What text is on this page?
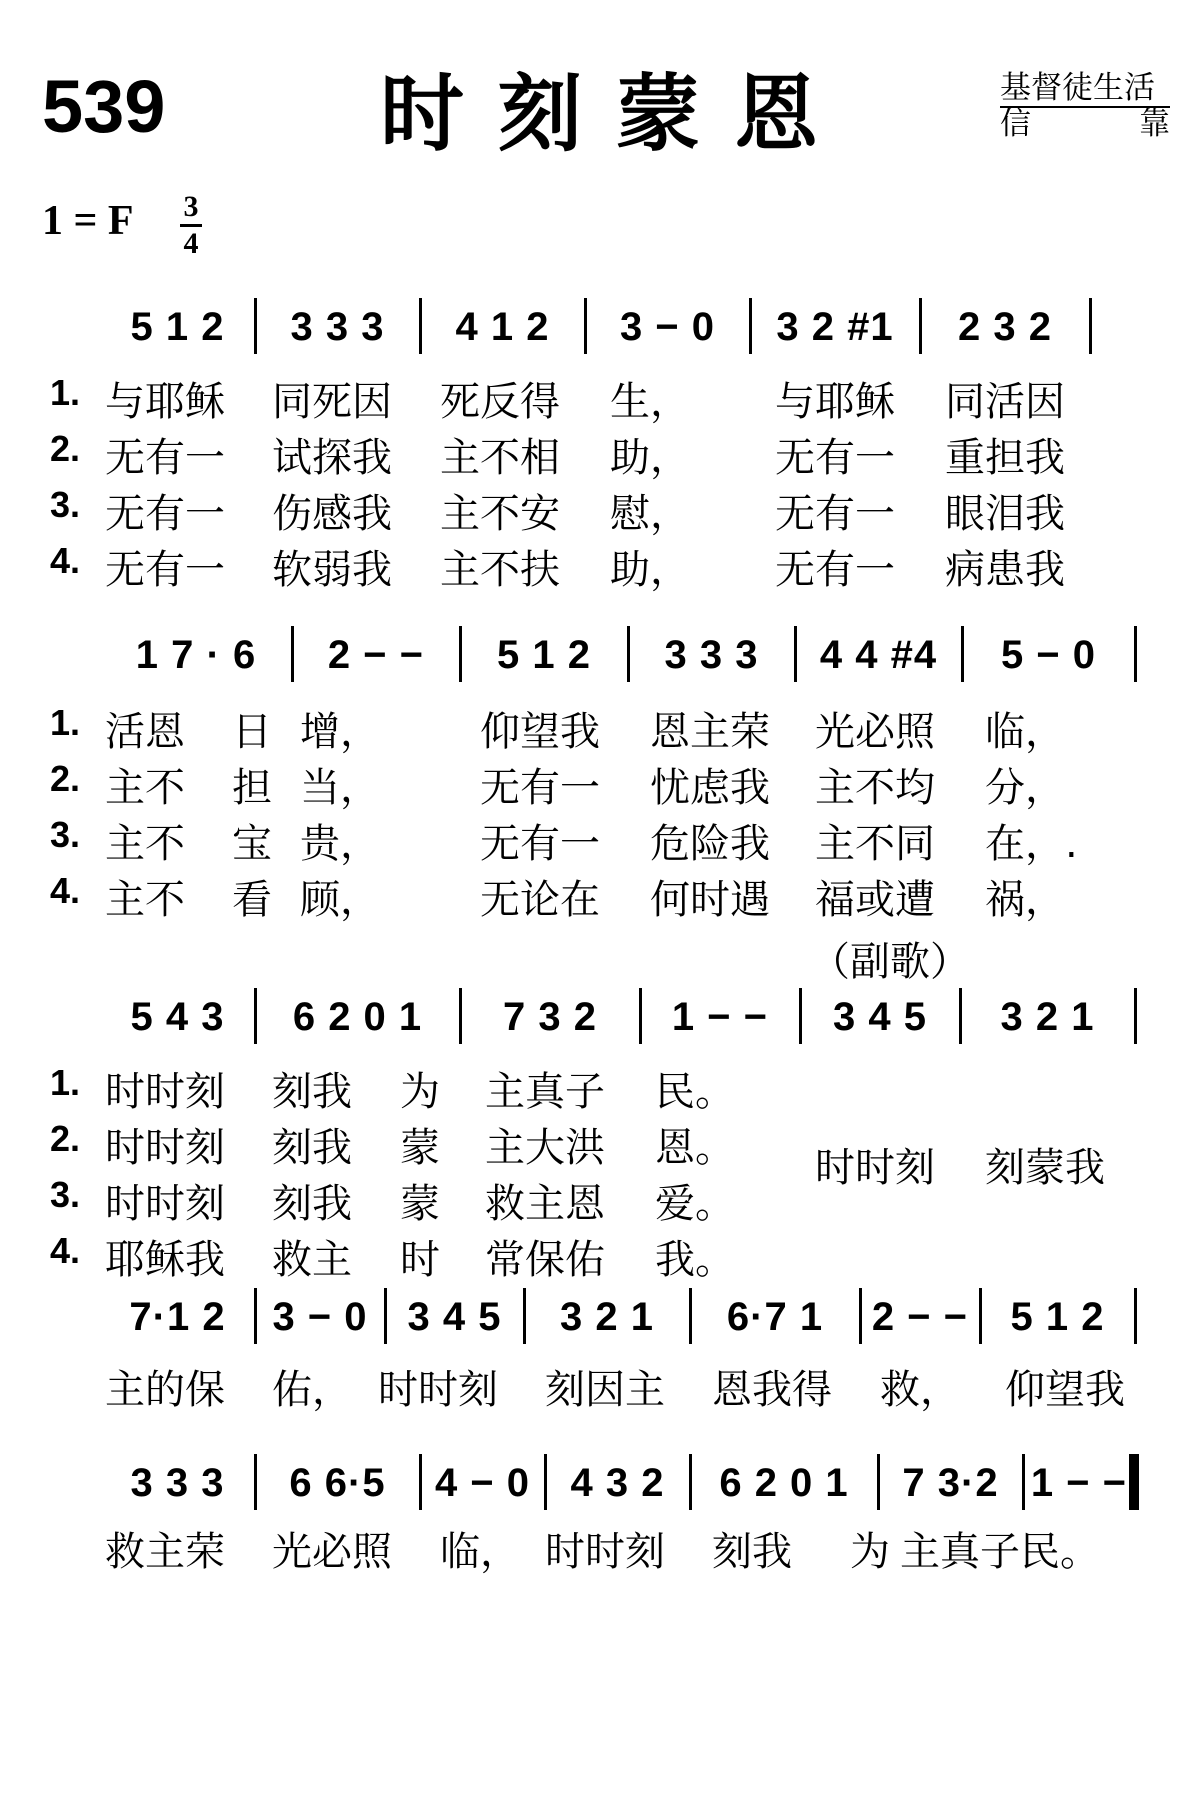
539	时刻蒙恩	基督徒生活
信	靠
1 = F 3
4
5 1 2	3 3 3	4 1 2	3 − 0	3 2 #1	2 3 2
1. 与耶稣 同死因 死反得 生， 与耶稣 同活因
2. 无有一 试探我 主不相 助， 无有一 重担我
3. 无有一 伤感我 主不安 慰， 无有一 眼泪我
4. 无有一 软弱我 主不扶 助， 无有一 病患我
1 7 · 6	2 − −	5 1 2	3 3 3	4 4 #4	5 − 0
1. 活恩 日 增，	仰望我 恩主荣 光必照 临，
2. 主不 担 当，	无有一 忧虑我 主不均 分，
3. 主不 宝 贵，	无有一 危险我 主不同 在，.
4. 主不 看 顾，	无论在 何时遇 福或遭 祸，
（副歌）
5 4 3	6 2 0 1	7 3 2	1 − −	3 4 5	3 2 1
1. 时时刻 刻我 为 主真子 民。
2. 时时刻 刻我 蒙 主大洪 恩。
3. 时时刻 刻我 蒙 救主恩 爱。
4. 耶稣我 救主 时 常保佑 我。
时时刻 刻蒙我
7·1 2	3 − 0 3 4 5	3 2 1	6·7 1	2 − −	5 1 2
主的保 佑， 时时刻 刻因主 恩我得 救， 仰望我
3 3 3	6 6·5	4 − 0	4 3 2	6 2 0 1	7 3·2 1 − −
救主荣 光必照 临， 时时刻 刻我 为 主真子民。
